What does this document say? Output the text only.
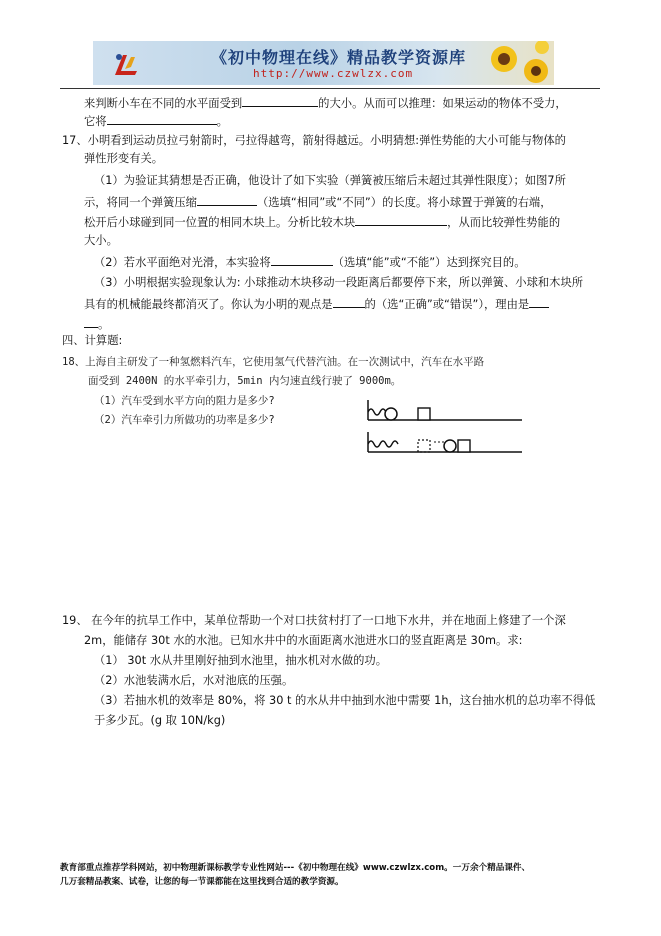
《初中物理在线》精品教学资源库
http://www.czwlzx.com
来判断小车在不同的水平面受到	的大小。从而可以推理：如果运动的物体不受力，
它将	。
17、小明看到运动员拉弓射箭时，弓拉得越弯，箭射得越远。小明猜想:弹性势能的大小可能与物体的
弹性形变有关。
（1）为验证其猜想是否正确，他设计了如下实验（弹簧被压缩后未超过其弹性限度）；如图7所
示，将同一个弹簧压缩	（选填“相同”或“不同”）的长度。将小球置于弹簧的右端，
松开后小球碰到同一位置的相同木块上。分析比较木块	，从而比较弹性势能的
大小。
（2）若水平面绝对光滑，本实验将	（选填“能”或“不能”）达到探究目的。
（3）小明根据实验现象认为: 小球推动木块移动一段距离后都要停下来，所以弹簧、小球和木块所
具有的机械能最终都消灭了。你认为小明的观点是	的（选“正确”或“错误”），理由是
。
四、计算题:
18、上海自主研发了一种氢燃料汽车，它使用氢气代替汽油。在一次测试中，汽车在水平路
面受到 2400N 的水平牵引力，5min 内匀速直线行驶了 9000m。
（1）汽车受到水平方向的阻力是多少?
（2）汽车牵引力所做功的功率是多少?
19、 在今年的抗旱工作中，某单位帮助一个对口扶贫村打了一口地下水井，并在地面上修建了一个深
2m，能储存 30t 水的水池。已知水井中的水面距离水池进水口的竖直距离是 30m。求:
（1） 30t 水从井里刚好抽到水池里，抽水机对水做的功。
（2）水池装满水后，水对池底的压强。
（3）若抽水机的效率是 80%，将 30 t 的水从井中抽到水池中需要 1h，这台抽水机的总功率不得低
于多少瓦。(g 取 10N/kg)
教育部重点推荐学科网站，初中物理新课标教学专业性网站---《初中物理在线》www.czwlzx.com。一万余个精品课件、
几万套精品教案、试卷，让您的每一节课都能在这里找到合适的教学资源。
